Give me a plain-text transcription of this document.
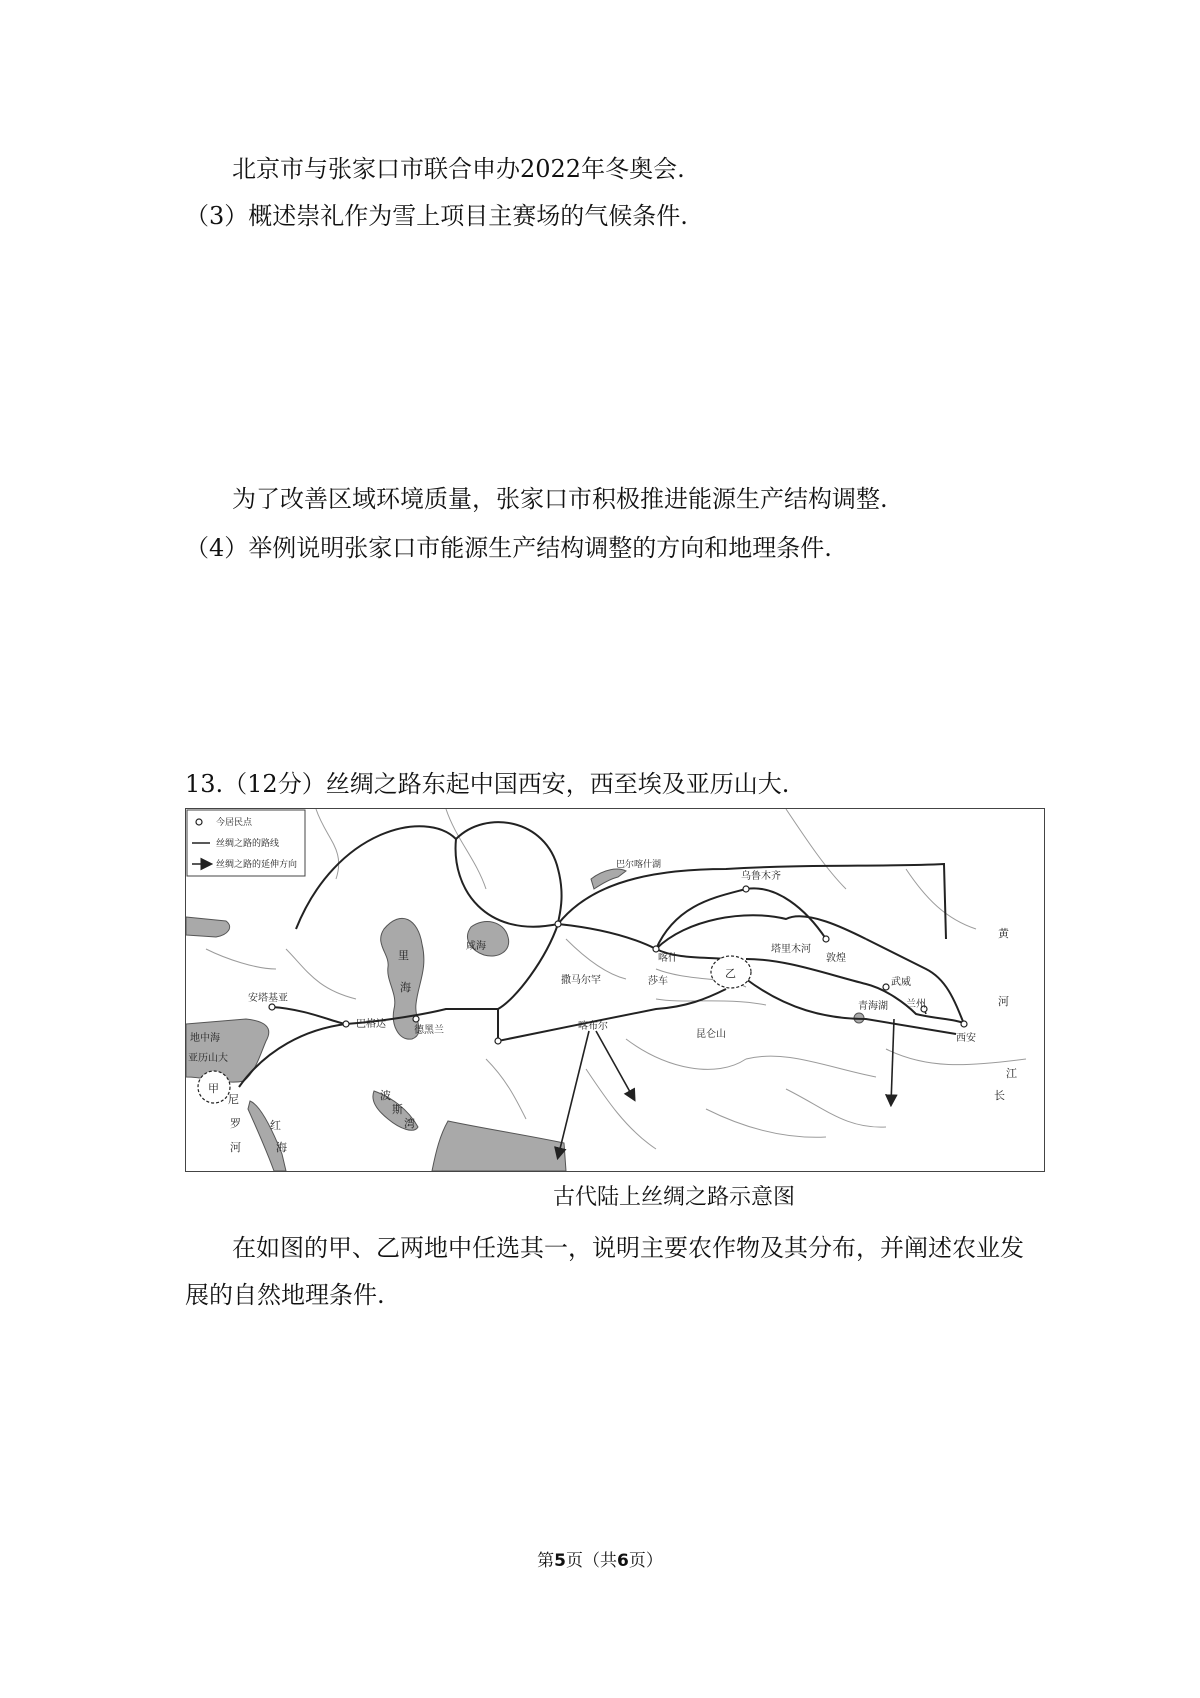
北京市与张家口市联合申办2022年冬奥会.
（3）概述崇礼作为雪上项目主赛场的气候条件.
为了改善区域环境质量，张家口市积极推进能源生产结构调整.
（4）举例说明张家口市能源生产结构调整的方向和地理条件.
13.（12分）丝绸之路东起中国西安，西至埃及亚历山大.
甲
乙
今居民点
丝绸之路的路线
丝绸之路的延伸方向
咸海
巴尔喀什湖
乌鲁木齐
喀什
莎车
撒马尔罕
塔里木河
敦煌
武威
兰州
西安
青海湖
安塔基亚
巴格达
德黑兰	喀布尔
昆仑山
亚历山大
地中海
里
海
尼
罗
河
红
海
波
斯
湾
黄
河
江
长
古代陆上丝绸之路示意图
在如图的甲、乙两地中任选其一，说明主要农作物及其分布，并阐述农业发
展的自然地理条件.
第5页（共6页）
